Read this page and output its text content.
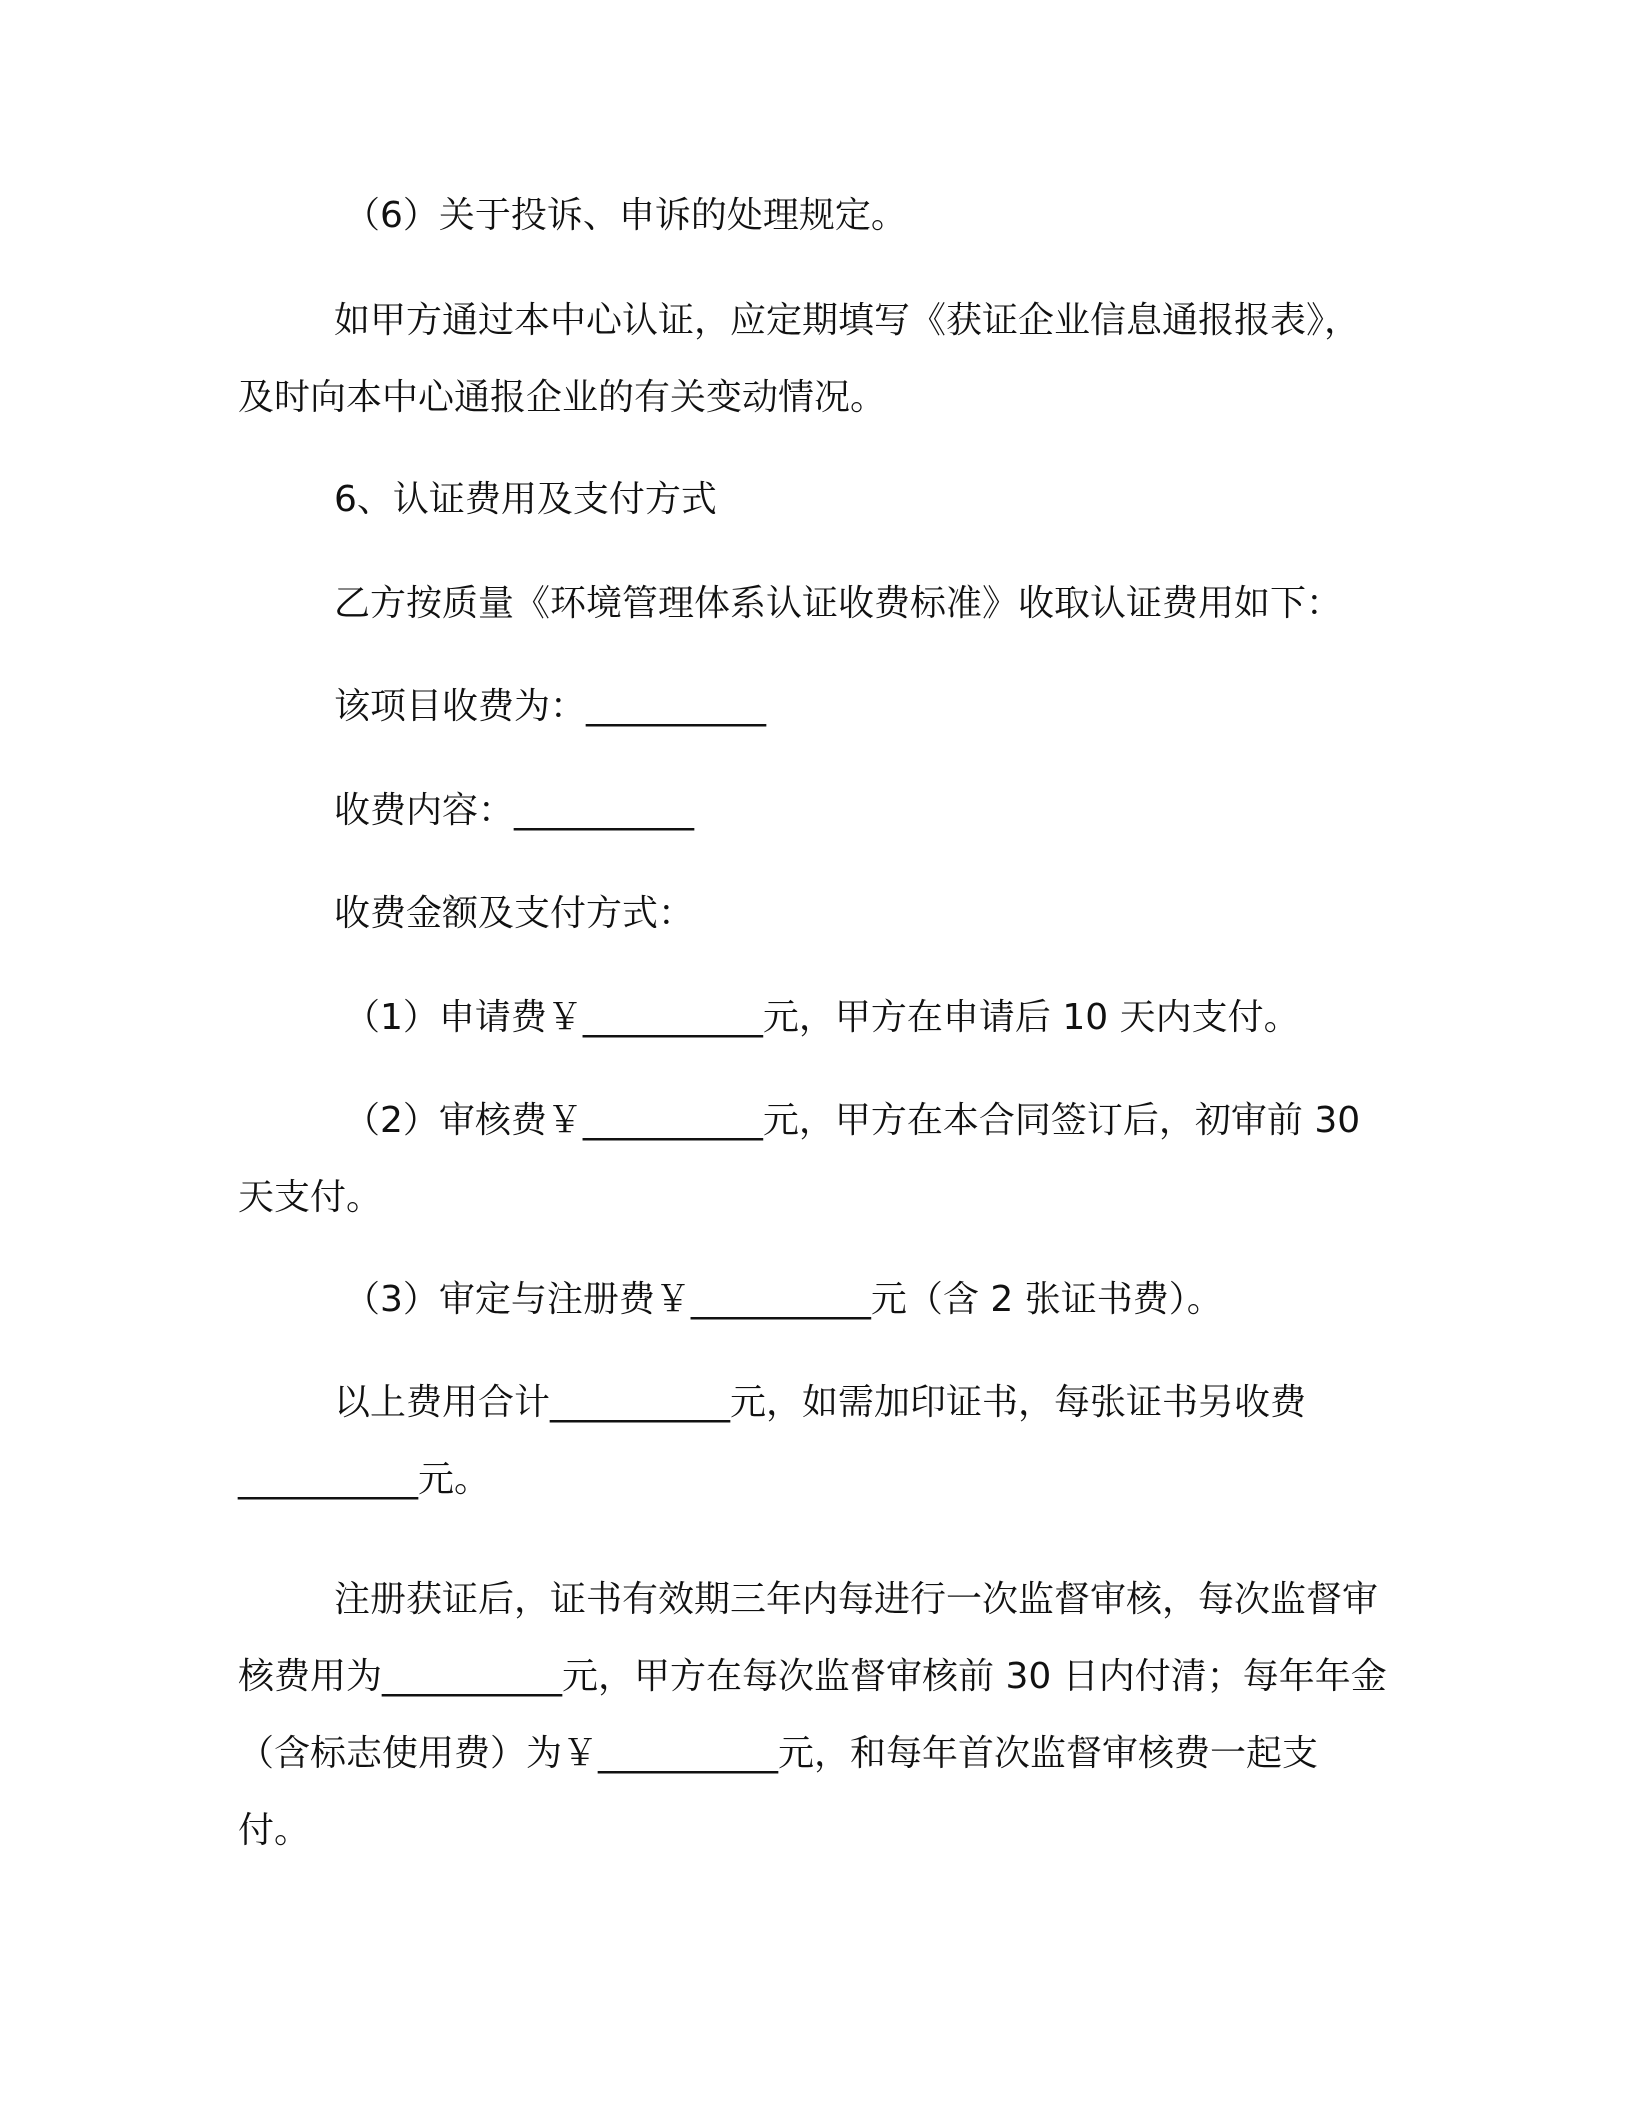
（6）关于投诉、申诉的处理规定。

如甲方通过本中心认证，应定期填写《获证企业信息通报报表》，及时向本中心通报企业的有关变动情况。

6、认证费用及支付方式

乙方按质量《环境管理体系认证收费标准》收取认证费用如下：

该项目收费为：__________

收费内容：__________

收费金额及支付方式：

（1）申请费￥__________元，甲方在申请后 10 天内支付。

（2）审核费￥__________元，甲方在本合同签订后，初审前 30 天支付。

（3）审定与注册费￥__________元（含 2 张证书费）。

以上费用合计__________元，如需加印证书，每张证书另收费__________元。

注册获证后，证书有效期三年内每进行一次监督审核，每次监督审核费用为__________元，甲方在每次监督审核前 30 日内付清；每年年金（含标志使用费）为￥__________元，和每年首次监督审核费一起支付。
